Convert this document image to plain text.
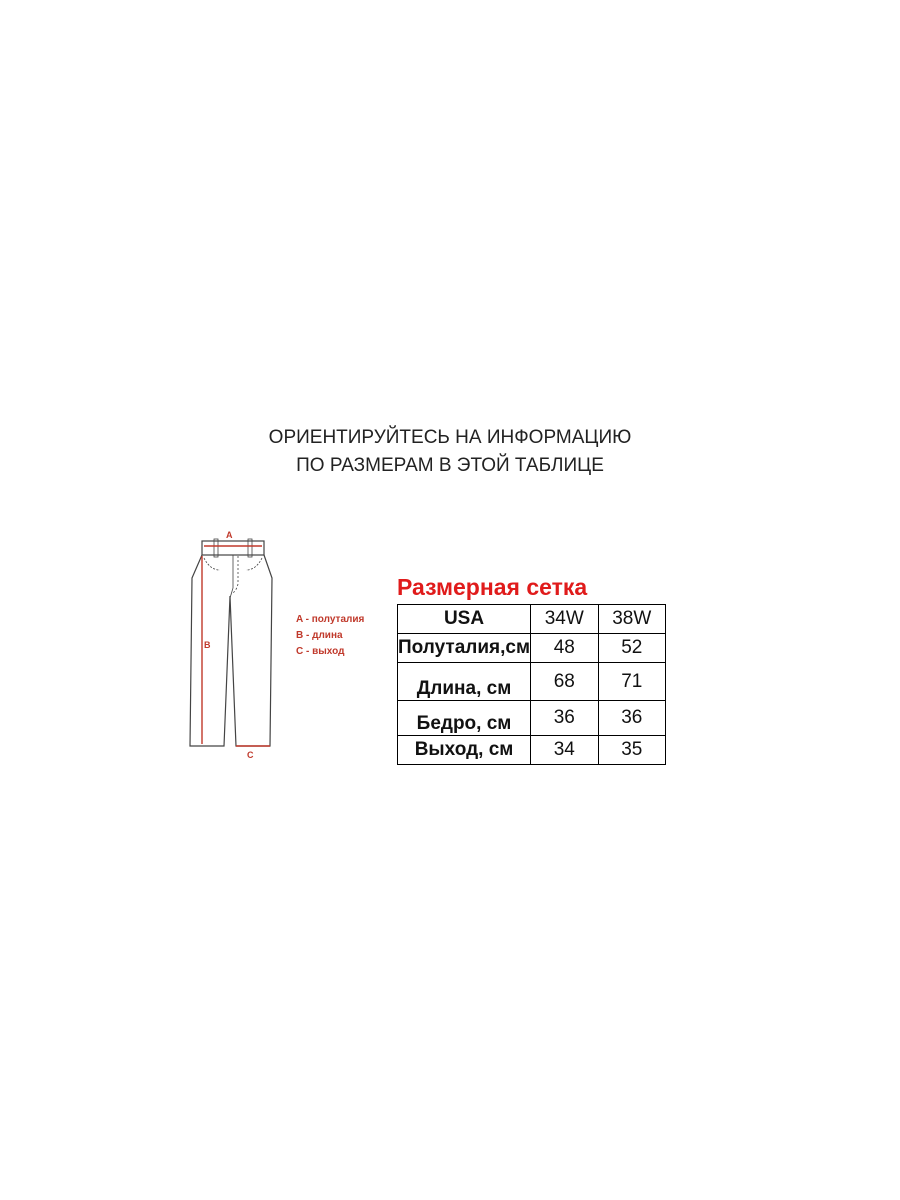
ОРИЕНТИРУЙТЕСЬ НА ИНФОРМАЦИЮ
ПО РАЗМЕРАМ В ЭТОЙ ТАБЛИЦЕ
A
B
C
A - полуталия
B - длина
C - выход
Размерная сетка
USA	34W	38W
Полуталия,см	48	52
Длина, см	68	71
Бедро, см	36	36
Выход, см	34	35
